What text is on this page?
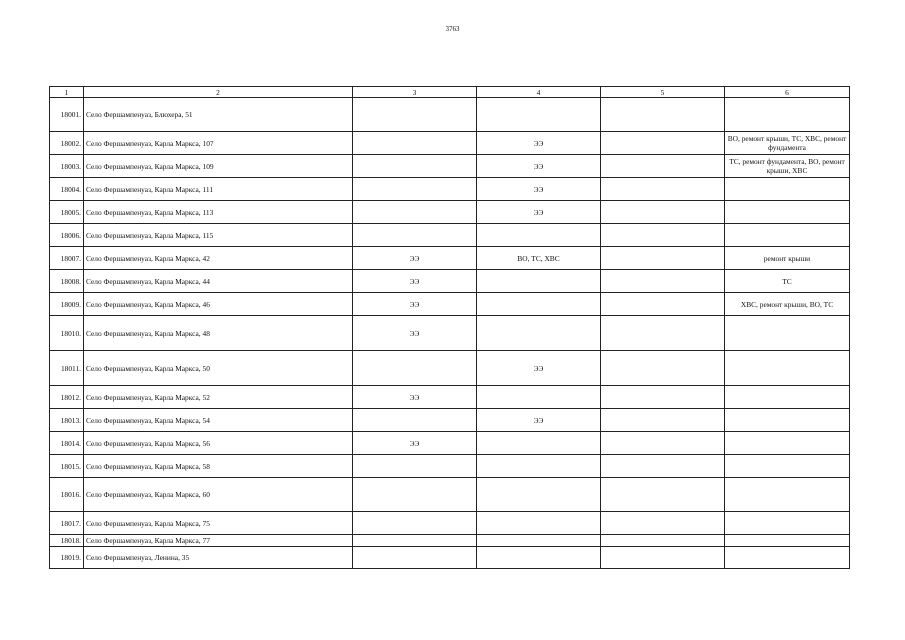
3763
1	2	3	4	5	6
18001.	Село Фершампенуаз, Блюхера, 51				
18002.	Село Фершампенуаз, Карла Маркса, 107		ЭЭ		ВО, ремонт крыши, ТС, ХВС, ремонт фундамента
18003.	Село Фершампенуаз, Карла Маркса, 109		ЭЭ		ТС, ремонт фундамента, ВО, ремонт крыши, ХВС
18004.	Село Фершампенуаз, Карла Маркса, 111		ЭЭ		
18005.	Село Фершампенуаз, Карла Маркса, 113		ЭЭ		
18006.	Село Фершампенуаз, Карла Маркса, 115				
18007.	Село Фершампенуаз, Карла Маркса, 42	ЭЭ	ВО, ТС, ХВС		ремонт крыши
18008.	Село Фершампенуаз, Карла Маркса, 44	ЭЭ			ТС
18009.	Село Фершампенуаз, Карла Маркса, 46	ЭЭ			ХВС, ремонт крыши, ВО, ТС
18010.	Село Фершампенуаз, Карла Маркса, 48	ЭЭ			
18011.	Село Фершампенуаз, Карла Маркса, 50		ЭЭ		
18012.	Село Фершампенуаз, Карла Маркса, 52	ЭЭ			
18013.	Село Фершампенуаз, Карла Маркса, 54		ЭЭ		
18014.	Село Фершампенуаз, Карла Маркса, 56	ЭЭ			
18015.	Село Фершампенуаз, Карла Маркса, 58				
18016.	Село Фершампенуаз, Карла Маркса, 60				
18017.	Село Фершампенуаз, Карла Маркса, 75				
18018.	Село Фершампенуаз, Карла Маркса, 77				
18019.	Село Фершампенуаз, Ленина, 35				
